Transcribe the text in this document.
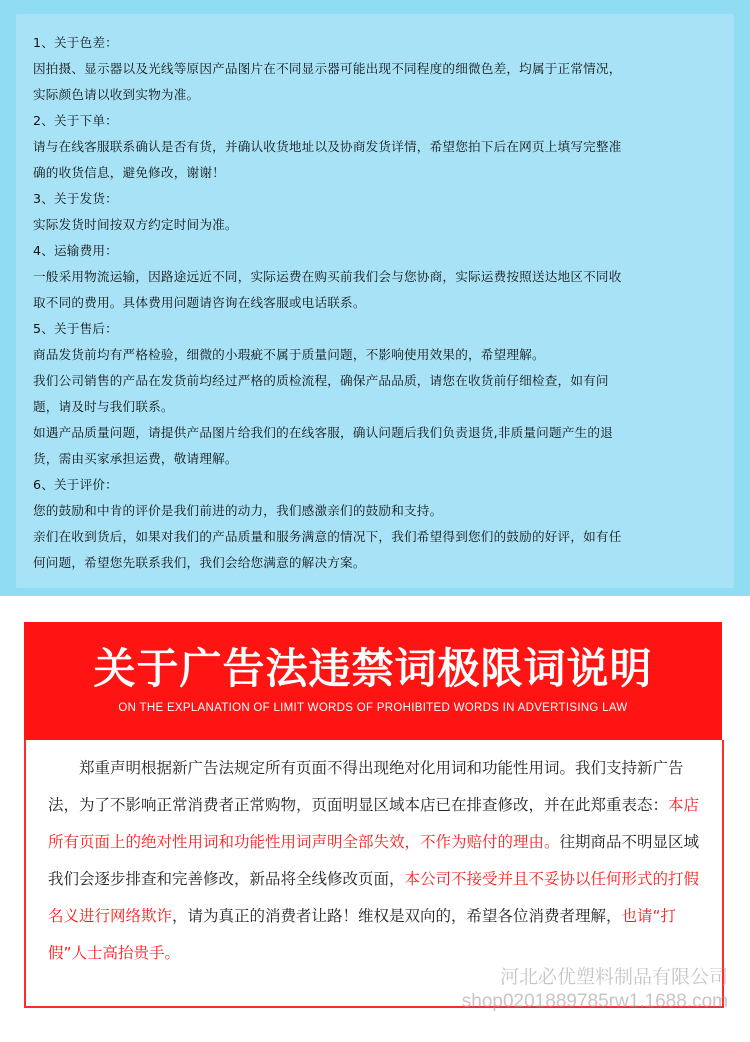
1、关于色差：

因拍摄、显示器以及光线等原因产品图片在不同显示器可能出现不同程度的细微色差，均属于正常情况，

实际颜色请以收到实物为准。

2、关于下单：

请与在线客服联系确认是否有货，并确认收货地址以及协商发货详情，希望您拍下后在网页上填写完整准

确的收货信息，避免修改，谢谢！

3、关于发货：

实际发货时间按双方约定时间为准。

4、运输费用：

一般采用物流运输，因路途远近不同，实际运费在购买前我们会与您协商，实际运费按照送达地区不同收

取不同的费用。具体费用问题请咨询在线客服或电话联系。

5、关于售后：

商品发货前均有严格检验，细微的小瑕疵不属于质量问题，不影响使用效果的，希望理解。

我们公司销售的产品在发货前均经过严格的质检流程，确保产品品质，请您在收货前仔细检查，如有问

题，请及时与我们联系。

如遇产品质量问题，请提供产品图片给我们的在线客服，确认问题后我们负责退货,非质量问题产生的退

货，需由买家承担运费，敬请理解。

6、关于评价：

您的鼓励和中肯的评价是我们前进的动力，我们感激亲们的鼓励和支持。

亲们在收到货后，如果对我们的产品质量和服务满意的情况下，我们希望得到您们的鼓励的好评，如有任

何问题，希望您先联系我们，我们会给您满意的解决方案。

关于广告法违禁词极限词说明
ON THE EXPLANATION OF LIMIT WORDS OF PROHIBITED WORDS IN ADVERTISING LAW
郑重声明根据新广告法规定所有页面不得出现绝对化用词和功能性用词。我们支持新广告法，为了不影响正常消费者正常购物，页面明显区域本店已在排查修改，并在此郑重表态：本店所有页面上的绝对性用词和功能性用词声明全部失效，不作为赔付的理由。往期商品不明显区域我们会逐步排查和完善修改，新品将全线修改页面，本公司不接受并且不妥协以任何形式的打假名义进行网络欺诈，请为真正的消费者让路！维权是双向的，希望各位消费者理解，也请“打假”人士高抬贵手。
河北必优塑料制品有限公司
shop0201889785rw1.1688.com
